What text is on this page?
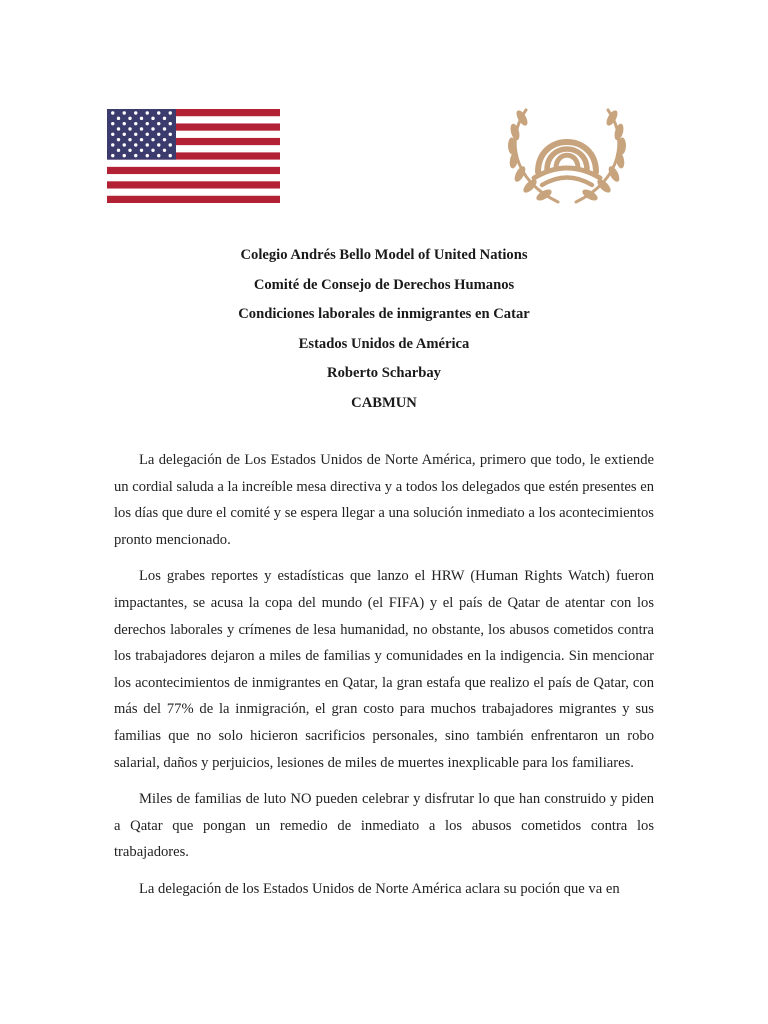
Colegio Andrés Bello Model of United Nations
Comité de Consejo de Derechos Humanos
Condiciones laborales de inmigrantes en Catar
Estados Unidos de América
Roberto Scharbay
CABMUN

La delegación de Los Estados Unidos de Norte América, primero que todo, le extiende un cordial saluda a la increíble mesa directiva y a todos los delegados que estén presentes en los días que dure el comité y se espera llegar a una solución inmediato a los acontecimientos pronto mencionado.

Los grabes reportes y estadísticas que lanzo el HRW (Human Rights Watch) fueron impactantes, se acusa la copa del mundo (el FIFA) y el país de Qatar de atentar con los derechos laborales y crímenes de lesa humanidad, no obstante, los abusos cometidos contra los trabajadores dejaron a miles de familias y comunidades en la indigencia. Sin mencionar los acontecimientos de inmigrantes en Qatar, la gran estafa que realizo el país de Qatar, con más del 77% de la inmigración, el gran costo para muchos trabajadores migrantes y sus familias que no solo hicieron sacrificios personales, sino también enfrentaron un robo salarial, daños y perjuicios, lesiones de miles de muertes inexplicable para los familiares.

Miles de familias de luto NO pueden celebrar y disfrutar lo que han construido y piden a Qatar que pongan un remedio de inmediato a los abusos cometidos contra los trabajadores.

La delegación de los Estados Unidos de Norte América aclara su poción que va en
